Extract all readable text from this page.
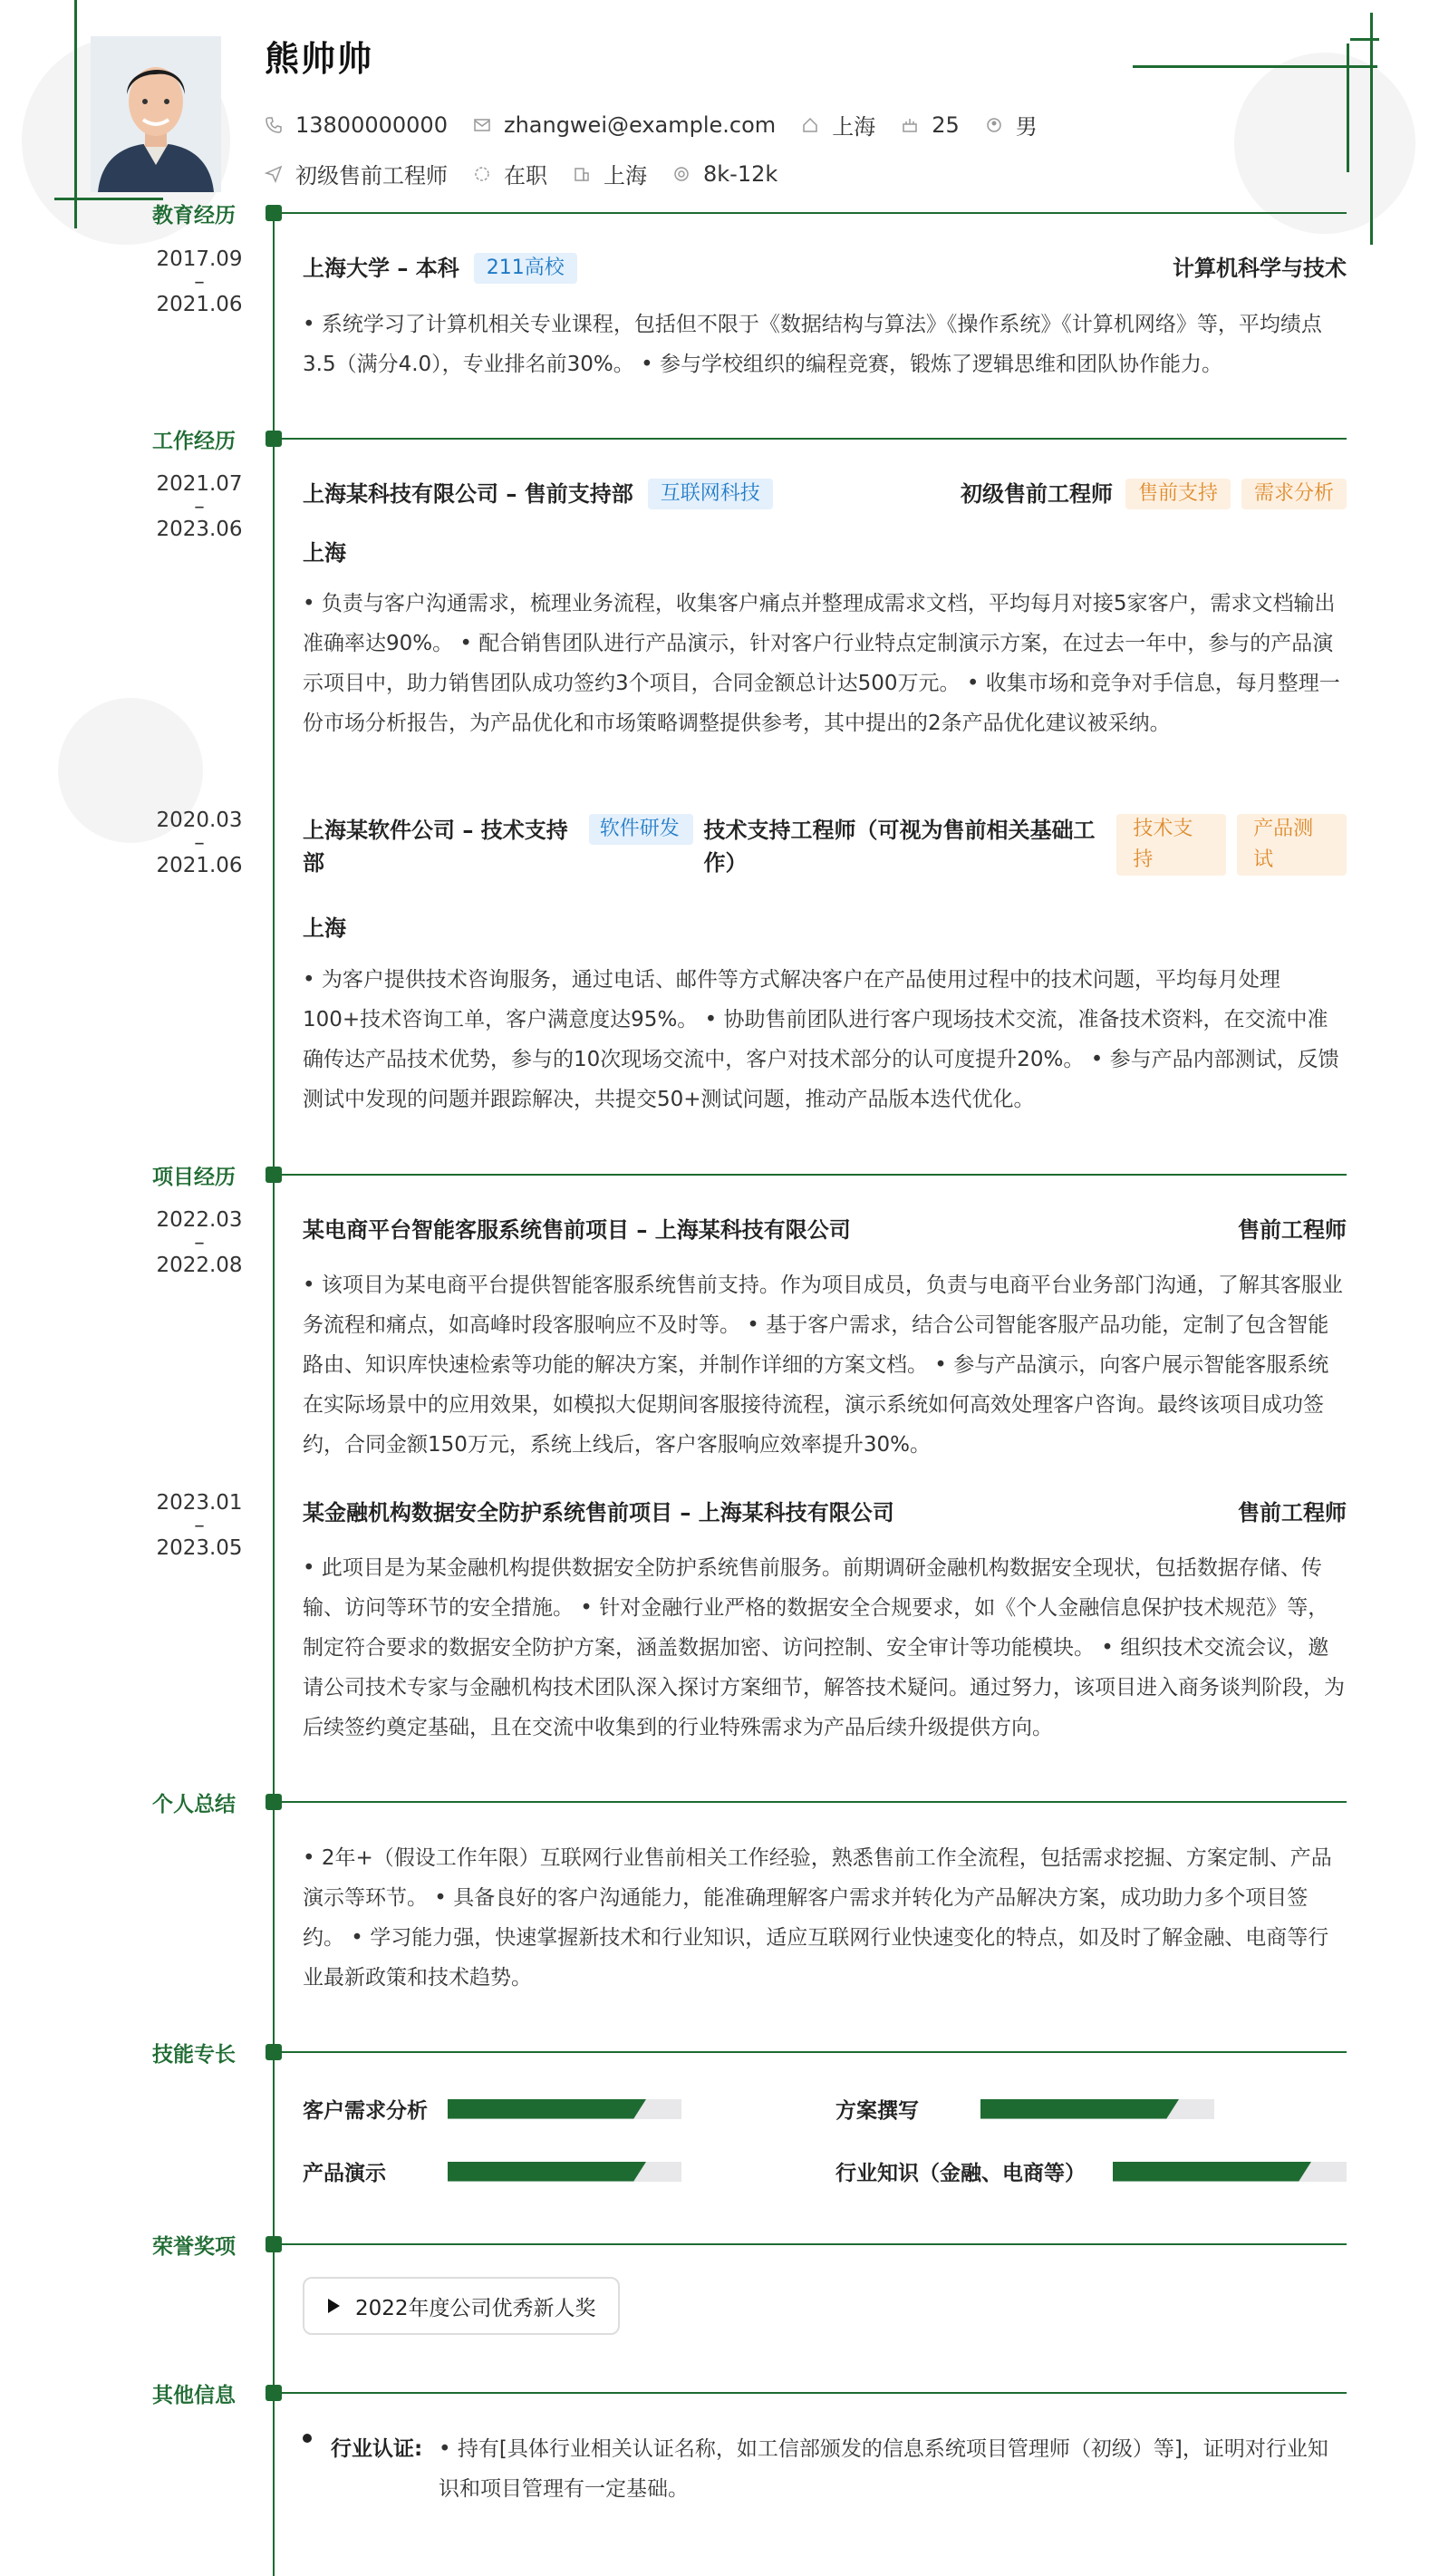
熊帅帅
13800000000	zhangwei@example.com	上海	25	男
初级售前工程师	在职	上海	8k-12k
教育经历
2017.09
–
2021.06
上海大学 – 本科	211高校	计算机科学与技术
• 系统学习了计算机相关专业课程，包括但不限于《数据结构与算法》《操作系统》《计算机网络》等，平均绩点3.5（满分4.0），专业排名前30%。 • 参与学校组织的编程竞赛，锻炼了逻辑思维和团队协作能力。
工作经历
2021.07
–
2023.06
上海某科技有限公司 – 售前支持部	互联网科技	初级售前工程师	售前支持	需求分析
上海
• 负责与客户沟通需求，梳理业务流程，收集客户痛点并整理成需求文档，平均每月对接5家客户，需求文档输出准确率达90%。 • 配合销售团队进行产品演示，针对客户行业特点定制演示方案，在过去一年中，参与的产品演示项目中，助力销售团队成功签约3个项目，合同金额总计达500万元。 • 收集市场和竞争对手信息，每月整理一份市场分析报告，为产品优化和市场策略调整提供参考，其中提出的2条产品优化建议被采纳。
2020.03
–
2021.06
上海某软件公司 – 技术支持部
软件研发	技术支持工程师（可视为售前相关基础工作）
技术支持
产品测试
上海
• 为客户提供技术咨询服务，通过电话、邮件等方式解决客户在产品使用过程中的技术问题，平均每月处理100+技术咨询工单，客户满意度达95%。 • 协助售前团队进行客户现场技术交流，准备技术资料，在交流中准确传达产品技术优势，参与的10次现场交流中，客户对技术部分的认可度提升20%。 • 参与产品内部测试，反馈测试中发现的问题并跟踪解决，共提交50+测试问题，推动产品版本迭代优化。
项目经历
2022.03
–
2022.08
某电商平台智能客服系统售前项目 – 上海某科技有限公司	售前工程师
• 该项目为某电商平台提供智能客服系统售前支持。作为项目成员，负责与电商平台业务部门沟通，了解其客服业务流程和痛点，如高峰时段客服响应不及时等。 • 基于客户需求，结合公司智能客服产品功能，定制了包含智能路由、知识库快速检索等功能的解决方案，并制作详细的方案文档。 • 参与产品演示，向客户展示智能客服系统在实际场景中的应用效果，如模拟大促期间客服接待流程，演示系统如何高效处理客户咨询。最终该项目成功签约，合同金额150万元，系统上线后，客户客服响应效率提升30%。
2023.01
–
2023.05
某金融机构数据安全防护系统售前项目 – 上海某科技有限公司	售前工程师
• 此项目是为某金融机构提供数据安全防护系统售前服务。前期调研金融机构数据安全现状，包括数据存储、传输、访问等环节的安全措施。 • 针对金融行业严格的数据安全合规要求，如《个人金融信息保护技术规范》等，制定符合要求的数据安全防护方案，涵盖数据加密、访问控制、安全审计等功能模块。 • 组织技术交流会议，邀请公司技术专家与金融机构技术团队深入探讨方案细节，解答技术疑问。通过努力，该项目进入商务谈判阶段，为后续签约奠定基础，且在交流中收集到的行业特殊需求为产品后续升级提供方向。
个人总结
• 2年+（假设工作年限）互联网行业售前相关工作经验，熟悉售前工作全流程，包括需求挖掘、方案定制、产品演示等环节。 • 具备良好的客户沟通能力，能准确理解客户需求并转化为产品解决方案，成功助力多个项目签约。 • 学习能力强，快速掌握新技术和行业知识，适应互联网行业快速变化的特点，如及时了解金融、电商等行业最新政策和技术趋势。
技能专长
客户需求分析	方案撰写
产品演示	行业知识（金融、电商等）
荣誉奖项
2022年度公司优秀新人奖
其他信息
行业认证: • 持有[具体行业相关认证名称，如工信部颁发的信息系统项目管理师（初级）等]，证明对行业知识和项目管理有一定基础。
